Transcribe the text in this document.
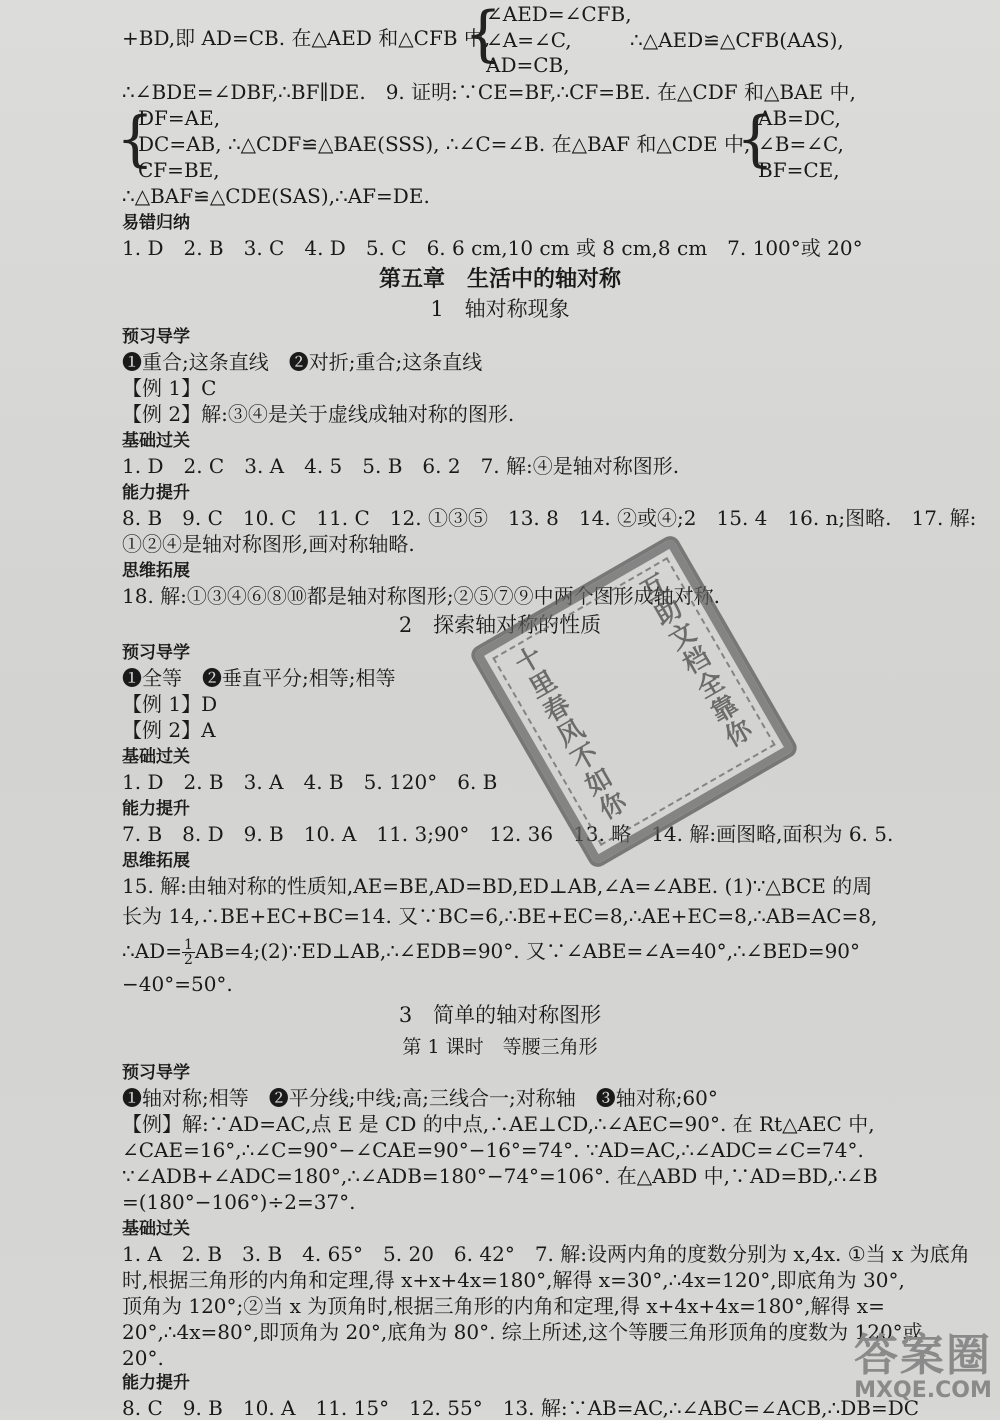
+BD,即 AD=CB. 在△AED 和△CFB 中,
{
∠AED=∠CFB,
∠A=∠C,
AD=CB,
∴△AED≌△CFB(AAS),
∴∠BDE=∠DBF,∴BF∥DE.　9. 证明:∵CE=BF,∴CF=BE. 在△CDF 和△BAE 中,
{
DF=AE,
DC=AB, ∴△CDF≌△BAE(SSS), ∴∠C=∠B. 在△BAF 和△CDE 中,
CF=BE,	{
AB=DC,
∠B=∠C,
BF=CE,
∴△BAF≌△CDE(SAS),∴AF=DE.
易错归纳
1. D　2. B　3. C　4. D　5. C　6. 6 cm,10 cm 或 8 cm,8 cm　7. 100°或 20°
第五章　生活中的轴对称
1　轴对称现象
预习导学
❶重合;这条直线　❷对折;重合;这条直线
【例 1】C
【例 2】解:③④是关于虚线成轴对称的图形.
基础过关
1. D　2. C　3. A　4. 5　5. B　6. 2　7. 解:④是轴对称图形.
能力提升
8. B　9. C　10. C　11. C　12. ①③⑤　13. 8　14. ②或④;2　15. 4　16. n;图略.　17. 解:
①②④是轴对称图形,画对称轴略.
思维拓展
18. 解:①③④⑥⑧⑩都是轴对称图形;②⑤⑦⑨中两个图形成轴对称.
2　探索轴对称的性质
预习导学
❶全等　❷垂直平分;相等;相等
【例 1】D
【例 2】A
基础过关
1. D　2. B　3. A　4. B　5. 120°　6. B
能力提升
7. B　8. D　9. B　10. A　11. 3;90°　12. 36　13. 略　14. 解:画图略,面积为 6. 5.
思维拓展
15. 解:由轴对称的性质知,AE=BE,AD=BD,ED⊥AB,∠A=∠ABE. (1)∵△BCE 的周
长为 14,∴BE+EC+BC=14. 又∵BC=6,∴BE+EC=8,∴AE+EC=8,∴AB=AC=8,
∴AD= $\frac{1}{2}$ AB=4;(2)∵ED⊥AB,∴∠EDB=90°. 又∵∠ABE=∠A=40°,∴∠BED=90°
−40°=50°.
3　简单的轴对称图形
第 1 课时　等腰三角形
预习导学
❶轴对称;相等　❷平分线;中线;高;三线合一;对称轴　❸轴对称;60°
【例】解:∵AD=AC,点 E 是 CD 的中点,∴AE⊥CD,∴∠AEC=90°. 在 Rt△AEC 中,
∠CAE=16°,∴∠C=90°−∠CAE=90°−16°=74°. ∵AD=AC,∴∠ADC=∠C=74°.
∵∠ADB+∠ADC=180°,∴∠ADB=180°−74°=106°. 在△ABD 中,∵AD=BD,∴∠B
=(180°−106°)÷2=37°.
基础过关
1. A　2. B　3. B　4. 65°　5. 20　6. 42°　7. 解:设两内角的度数分别为 x,4x. ①当 x 为底角
时,根据三角形的内角和定理,得 x+x+4x=180°,解得 x=30°,∴4x=120°,即底角为 30°,
顶角为 120°;②当 x 为顶角时,根据三角形的内角和定理,得 x+4x+4x=180°,解得 x=
20°,∴4x=80°,即顶角为 20°,底角为 80°. 综上所述,这个等腰三角形顶角的度数为 120°或
20°.
能力提升
8. C　9. B　10. A　11. 15°　12. 55°　13. 解:∵AB=AC,∴∠ABC=∠ACB,∴DB=DC
十里春风不如你 互助文档全靠你
答案圈
MXQE.COM
